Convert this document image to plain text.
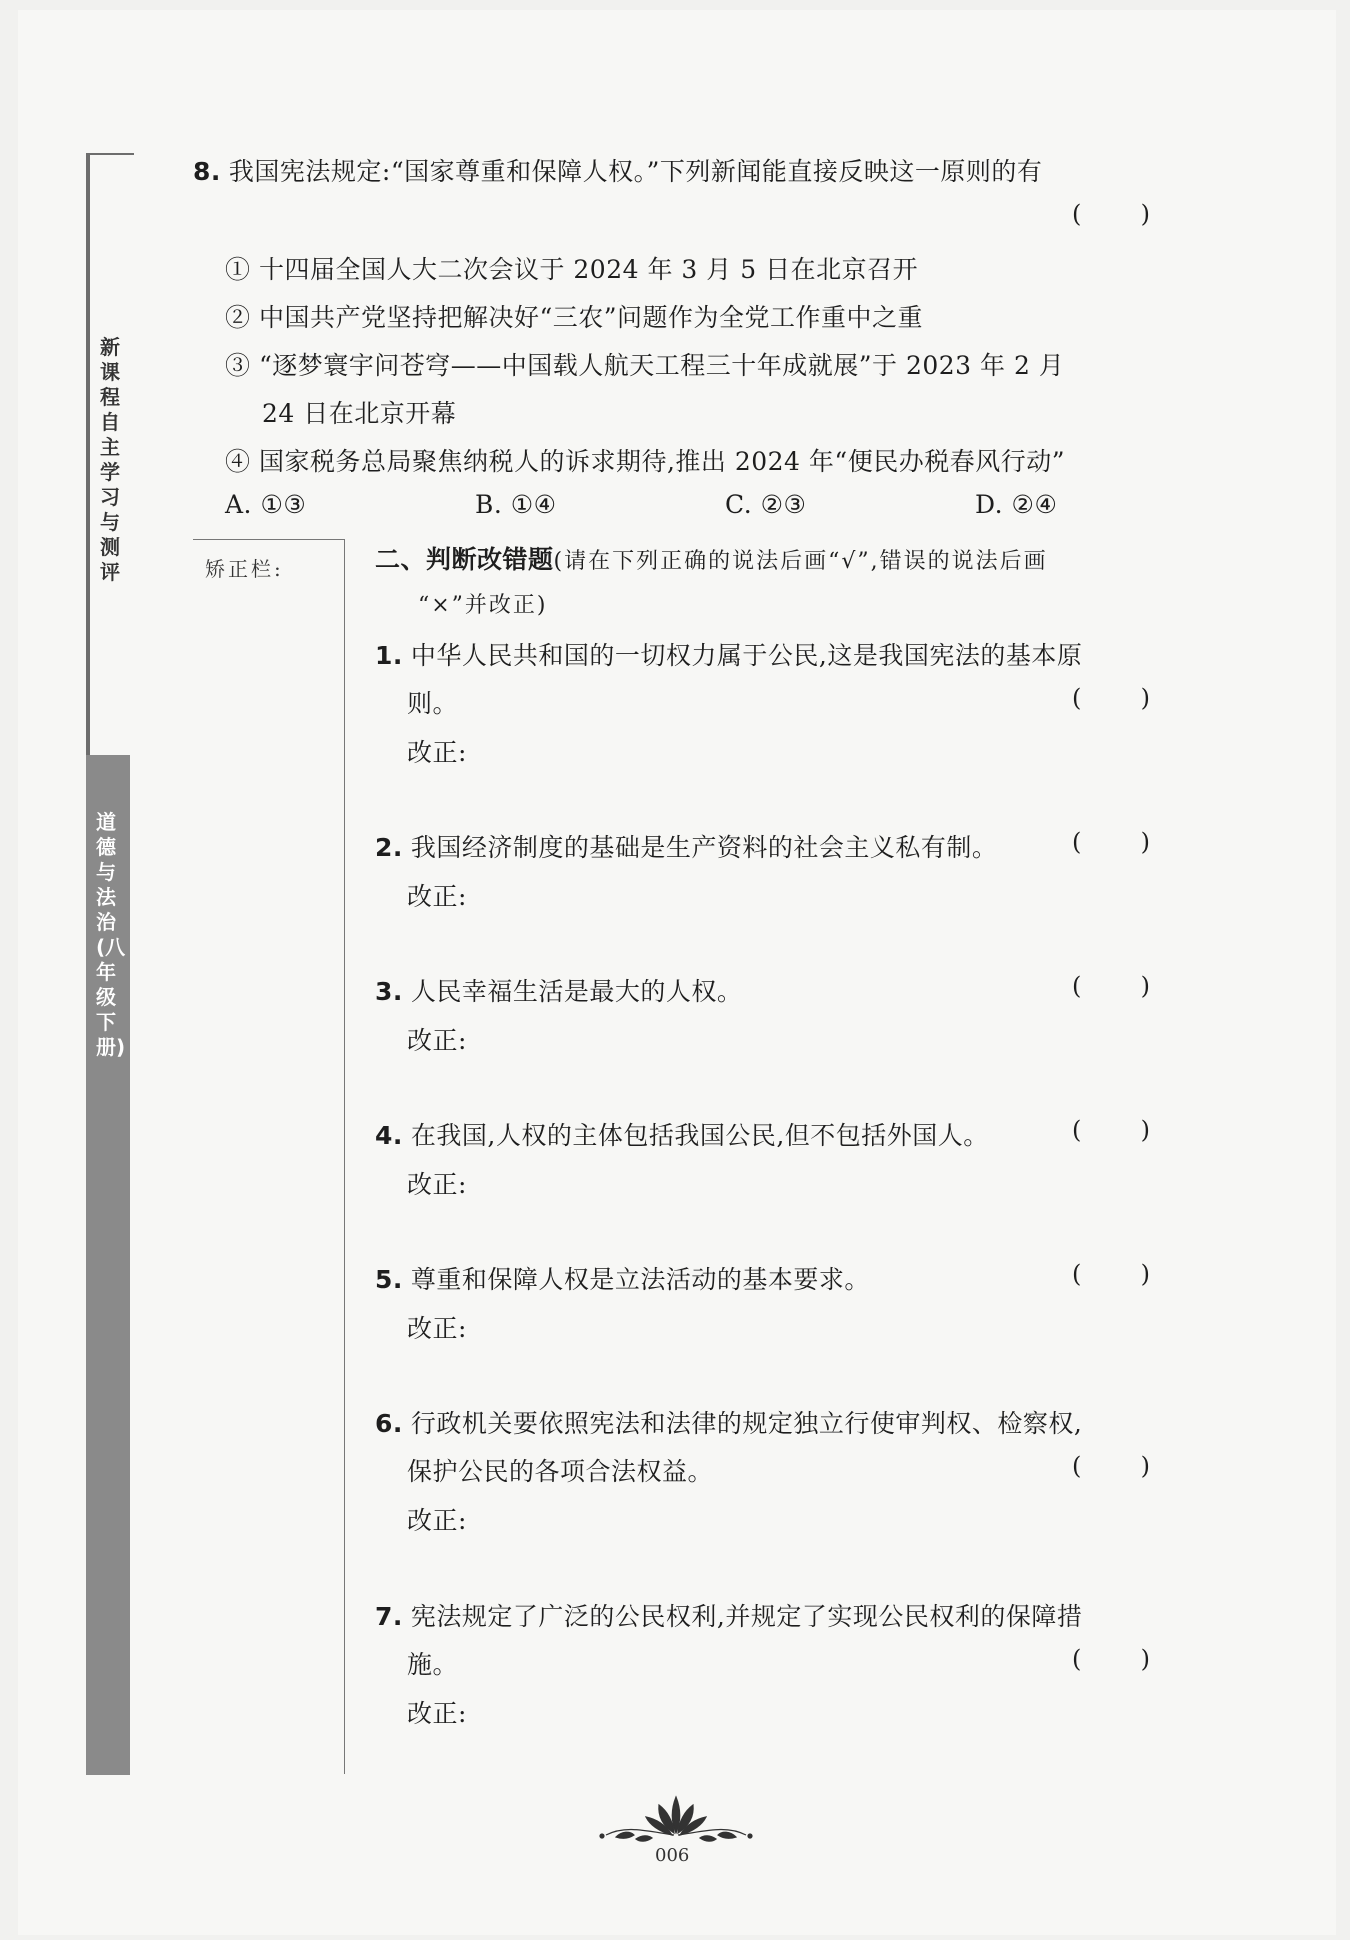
新课程自主学习与测评
道德与法治(八年级下册)
矫正栏:
8. 我国宪法规定:“国家尊重和保障人权。”下列新闻能直接反映这一原则的有
( )
① 十四届全国人大二次会议于 2024 年 3 月 5 日在北京召开
② 中国共产党坚持把解决好“三农”问题作为全党工作重中之重
③ “逐梦寰宇问苍穹——中国载人航天工程三十年成就展”于 2023 年 2 月
24 日在北京开幕
④ 国家税务总局聚焦纳税人的诉求期待,推出 2024 年“便民办税春风行动”
A. ①③	B. ①④	C. ②③	D. ②④
二、判断改错题(请在下列正确的说法后画“√”,错误的说法后画
“×”并改正)
1. 中华人民共和国的一切权力属于公民,这是我国宪法的基本原
则。	( )
改正:
2. 我国经济制度的基础是生产资料的社会主义私有制。	( )
改正:
3. 人民幸福生活是最大的人权。	( )
改正:
4. 在我国,人权的主体包括我国公民,但不包括外国人。	( )
改正:
5. 尊重和保障人权是立法活动的基本要求。	( )
改正:
6. 行政机关要依照宪法和法律的规定独立行使审判权、检察权,
保护公民的各项合法权益。	( )
改正:
7. 宪法规定了广泛的公民权利,并规定了实现公民权利的保障措
施。	( )
改正:
006
